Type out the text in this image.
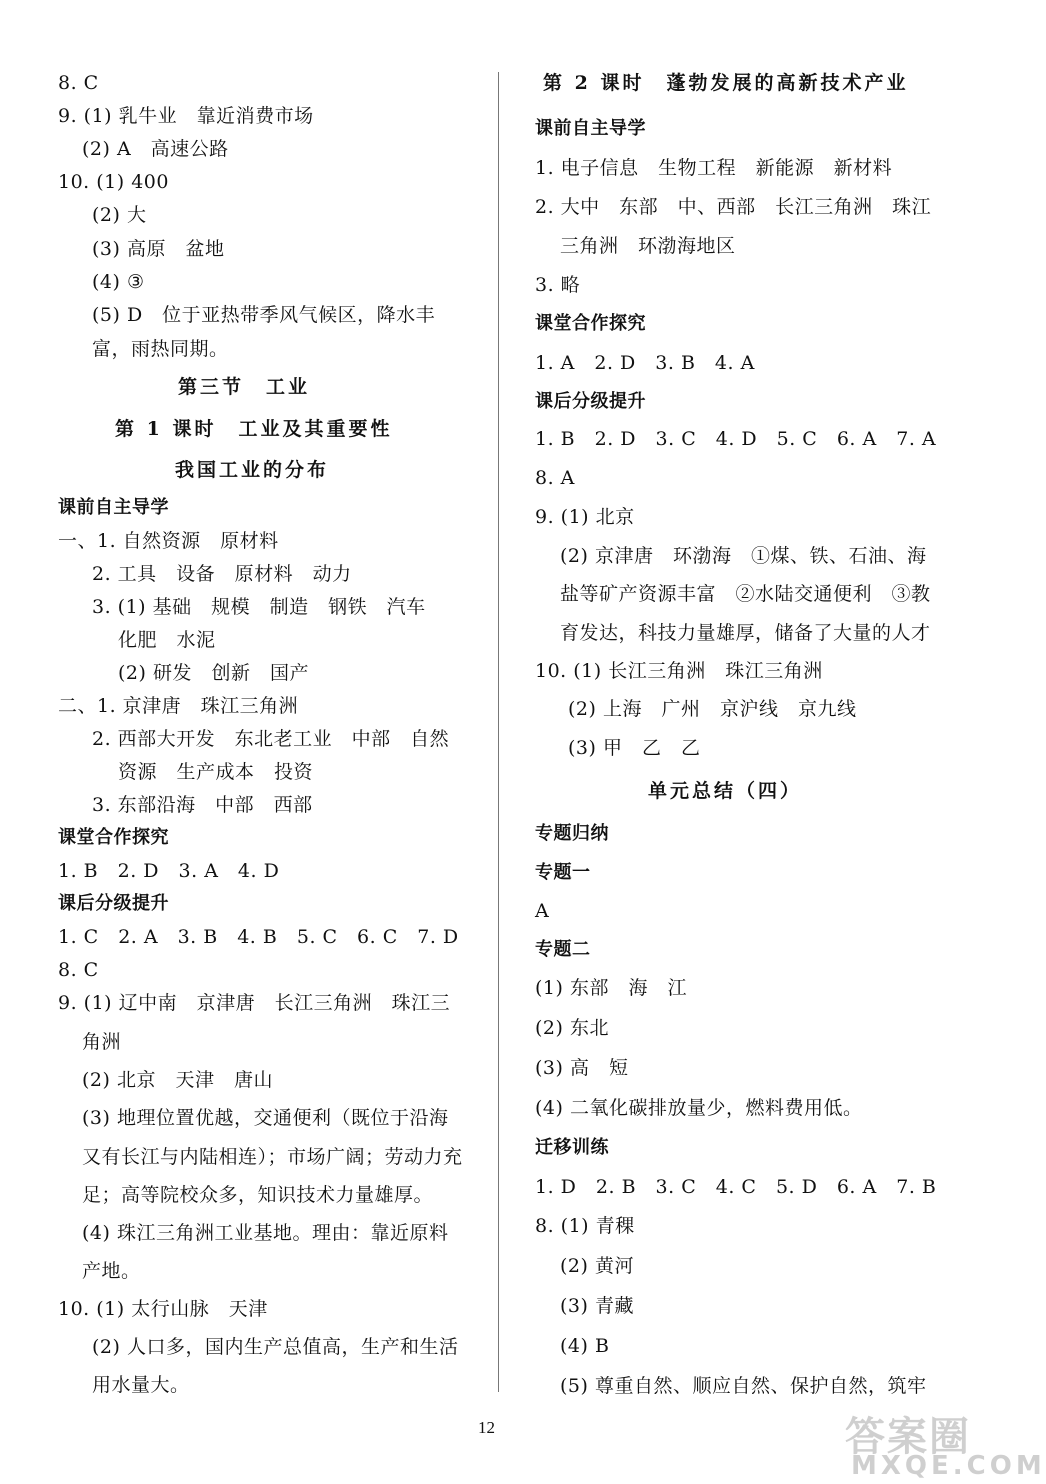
8. C
9. (1) 乳牛业　靠近消费市场
(2) A　高速公路
10. (1) 400
(2) 大
(3) 高原　盆地
(4) ③
(5) D　位于亚热带季风气候区，降水丰
富，雨热同期。
第三节　工业
第 1 课时　工业及其重要性
我国工业的分布
课前自主导学
一、1. 自然资源　原材料
2. 工具　设备　原材料　动力
3. (1) 基础　规模　制造　钢铁　汽车
化肥　水泥
(2) 研发　创新　国产
二、1. 京津唐　珠江三角洲
2. 西部大开发　东北老工业　中部　自然
资源　生产成本　投资
3. 东部沿海　中部　西部
课堂合作探究
1. B　2. D　3. A　4. D
课后分级提升
1. C　2. A　3. B　4. B　5. C　6. C　7. D
8. C
9. (1) 辽中南　京津唐　长江三角洲　珠江三
角洲
(2) 北京　天津　唐山
(3) 地理位置优越，交通便利（既位于沿海
又有长江与内陆相连）；市场广阔；劳动力充
足；高等院校众多，知识技术力量雄厚。
(4) 珠江三角洲工业基地。理由：靠近原料
产地。
10. (1) 太行山脉　天津
(2) 人口多，国内生产总值高，生产和生活
用水量大。
第 2 课时　蓬勃发展的高新技术产业
课前自主导学
1. 电子信息　生物工程　新能源　新材料
2. 大中　东部　中、西部　长江三角洲　珠江
三角洲　环渤海地区
3. 略
课堂合作探究
1. A　2. D　3. B　4. A
课后分级提升
1. B　2. D　3. C　4. D　5. C　6. A　7. A
8. A
9. (1) 北京
(2) 京津唐　环渤海　①煤、铁、石油、海
盐等矿产资源丰富　②水陆交通便利　③教
育发达，科技力量雄厚，储备了大量的人才
10. (1) 长江三角洲　珠江三角洲
(2) 上海　广州　京沪线　京九线
(3) 甲　乙　乙
单元总结（四）
专题归纳
专题一
A
专题二
(1) 东部　海　江
(2) 东北
(3) 高　短
(4) 二氧化碳排放量少，燃料费用低。
迁移训练
1. D　2. B　3. C　4. C　5. D　6. A　7. B
8. (1) 青稞
(2) 黄河
(3) 青藏
(4) B
(5) 尊重自然、顺应自然、保护自然，筑牢
12	答案圈
MXQE.COM
